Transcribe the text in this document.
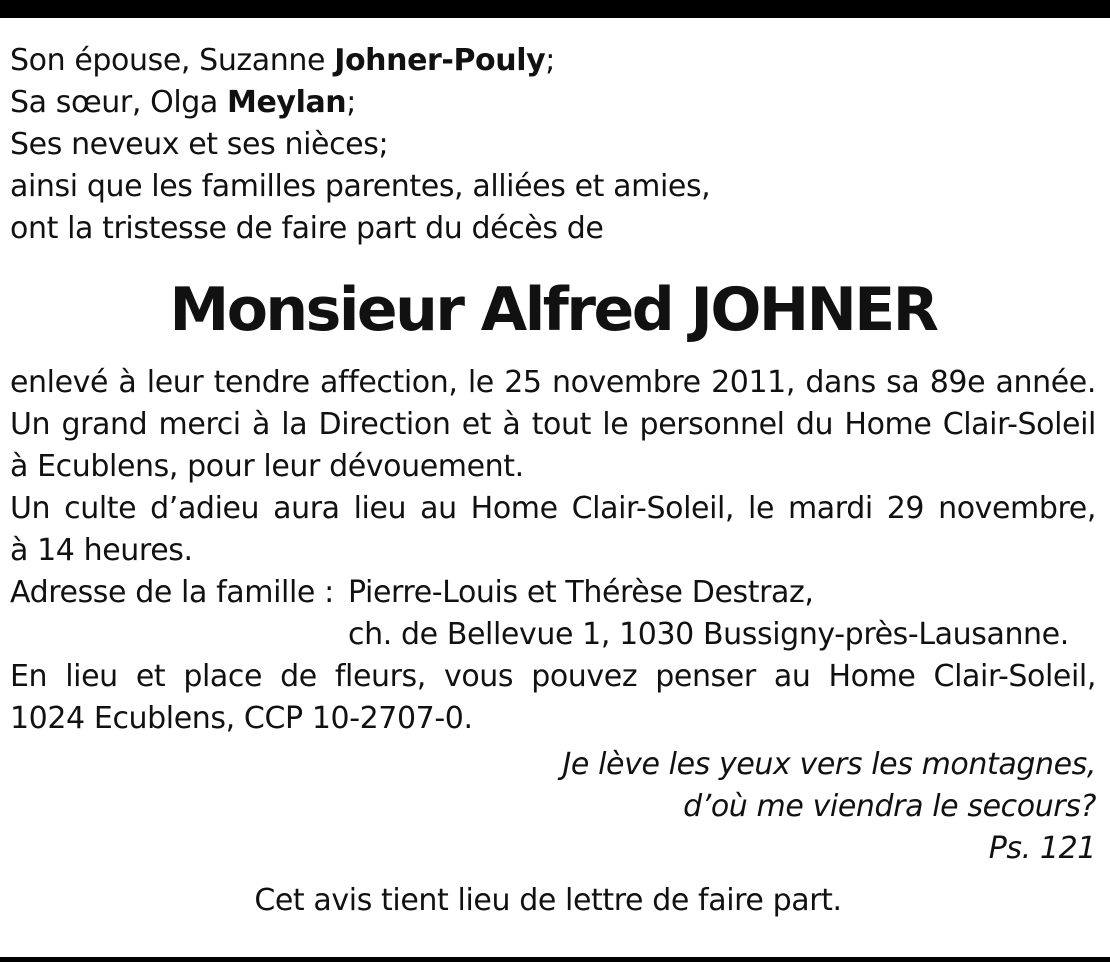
Son épouse, Suzanne Johner-Pouly;
Sa sœur, Olga Meylan;
Ses neveux et ses nièces;
ainsi que les familles parentes, alliées et amies,
ont la tristesse de faire part du décès de
Monsieur Alfred JOHNER
enlevé à leur tendre affection, le 25 novembre 2011, dans sa 89e année.
Un grand merci à la Direction et à tout le personnel du Home Clair-Soleil
à Ecublens, pour leur dévouement.
Un culte d’adieu aura lieu au Home Clair-Soleil, le mardi 29 novembre,
à 14 heures.
Adresse de la famille : Pierre-Louis et Thérèse Destraz,
ch. de Bellevue 1, 1030 Bussigny-près-Lausanne.
En lieu et place de fleurs, vous pouvez penser au Home Clair-Soleil,
1024 Ecublens, CCP 10-2707-0.
Je lève les yeux vers les montagnes,
d’où me viendra le secours?
Ps. 121
Cet avis tient lieu de lettre de faire part.
